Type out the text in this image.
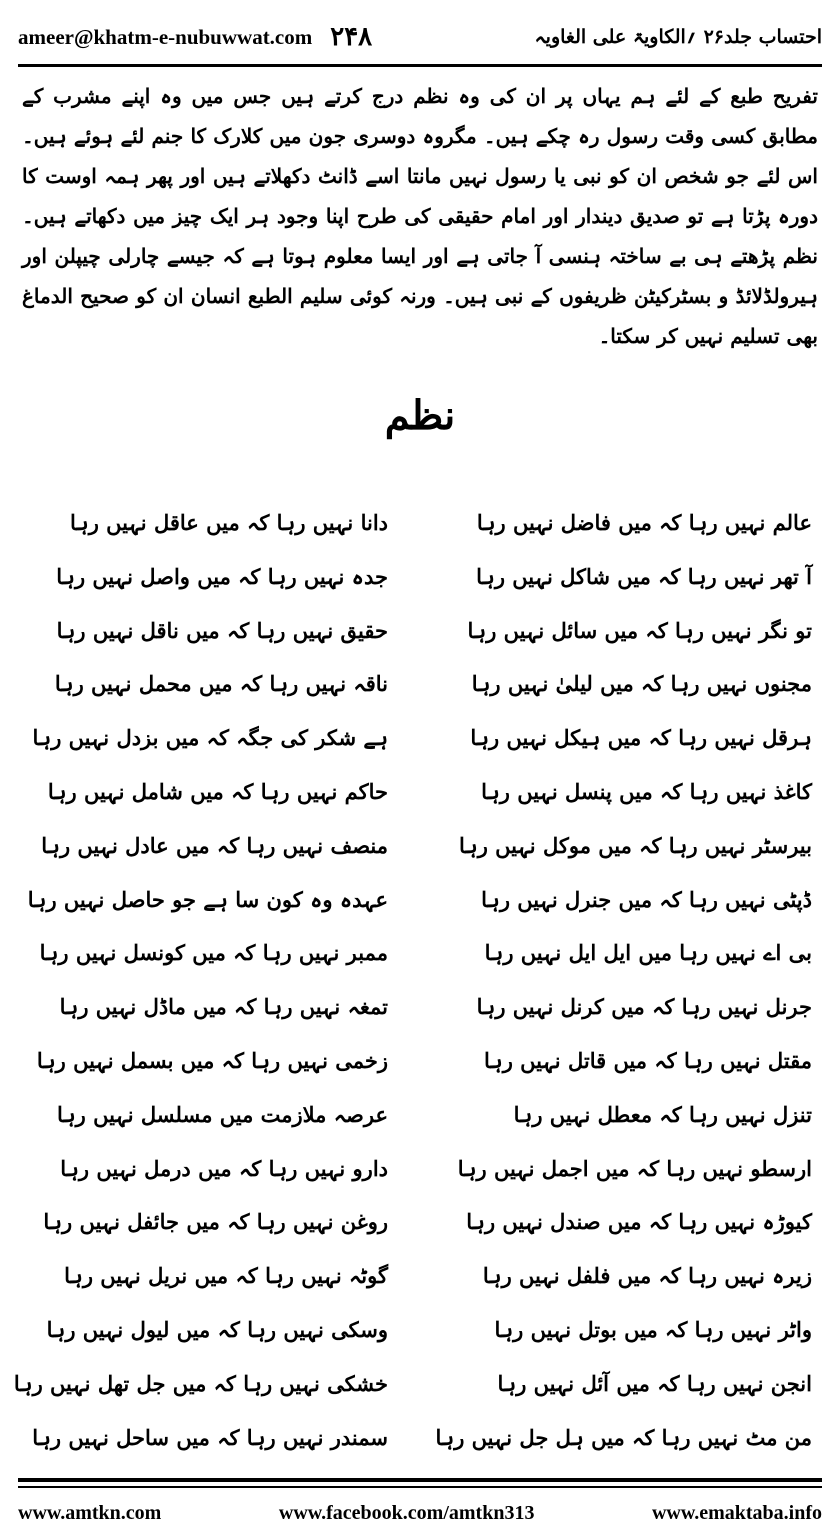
ameer@khatm-e-nubuwwat.com ۲۴۸	احتساب جلد۲۶ ؍الکاویۃ علی الغاویہ

تفریح طبع کے لئے ہم یہاں پر ان کی وہ نظم درج کرتے ہیں جس میں وہ اپنے مشرب کے مطابق کسی وقت رسول رہ چکے ہیں۔ مگروہ دوسری جون میں کلارک کا جنم لئے ہوئے ہیں۔ اس لئے جو شخص ان کو نبی یا رسول نہیں مانتا اسے ڈانٹ دکھلاتے ہیں اور پھر ہمہ اوست کا دورہ پڑتا ہے تو صدیق دیندار اور امام حقیقی کی طرح اپنا وجود ہر ایک چیز میں دکھاتے ہیں۔ نظم پڑھتے ہی بے ساختہ ہنسی آ جاتی ہے اور ایسا معلوم ہوتا ہے کہ جیسے چارلی چیپلن اور ہیرولڈلائڈ و بسٹرکیٹن ظریفوں کے نبی ہیں۔ ورنہ کوئی سلیم الطبع انسان ان کو صحیح الدماغ بھی تسلیم نہیں کر سکتا۔

نظم
عالم نہیں رہا کہ میں فاضل نہیں رہا
آ تھر نہیں رہا کہ میں شاکل نہیں رہا
تو نگر نہیں رہا کہ میں سائل نہیں رہا
مجنوں نہیں رہا کہ میں لیلیٰ نہیں رہا
ہرقل نہیں رہا کہ میں ہیکل نہیں رہا
کاغذ نہیں رہا کہ میں پنسل نہیں رہا
بیرسٹر نہیں رہا کہ میں موکل نہیں رہا
ڈپٹی نہیں رہا کہ میں جنرل نہیں رہا
بی اے نہیں رہا میں ایل ایل نہیں رہا
جرنل نہیں رہا کہ میں کرنل نہیں رہا
مقتل نہیں رہا کہ میں قاتل نہیں رہا
تنزل نہیں رہا کہ معطل نہیں رہا
ارسطو نہیں رہا کہ میں اجمل نہیں رہا
کیوڑہ نہیں رہا کہ میں صندل نہیں رہا
زیرہ نہیں رہا کہ میں فلفل نہیں رہا
واٹر نہیں رہا کہ میں بوتل نہیں رہا
انجن نہیں رہا کہ میں آئل نہیں رہا
من مٹ نہیں رہا کہ میں ہل جل نہیں رہا
دانا نہیں رہا کہ میں عاقل نہیں رہا
جدہ نہیں رہا کہ میں واصل نہیں رہا
حقیق نہیں رہا کہ میں ناقل نہیں رہا
ناقہ نہیں رہا کہ میں محمل نہیں رہا
ہے شکر کی جگہ کہ میں بزدل نہیں رہا
حاکم نہیں رہا کہ میں شامل نہیں رہا
منصف نہیں رہا کہ میں عادل نہیں رہا
عہدہ وہ کون سا ہے جو حاصل نہیں رہا
ممبر نہیں رہا کہ میں کونسل نہیں رہا
تمغہ نہیں رہا کہ میں ماڈل نہیں رہا
زخمی نہیں رہا کہ میں بسمل نہیں رہا
عرصہ ملازمت میں مسلسل نہیں رہا
دارو نہیں رہا کہ میں درمل نہیں رہا
روغن نہیں رہا کہ میں جائفل نہیں رہا
گوٹہ نہیں رہا کہ میں نریل نہیں رہا
وسکی نہیں رہا کہ میں لیول نہیں رہا
خشکی نہیں رہا کہ میں جل تھل نہیں رہا
سمندر نہیں رہا کہ میں ساحل نہیں رہا
www.amtkn.com	www.facebook.com/amtkn313	www.emaktaba.info
